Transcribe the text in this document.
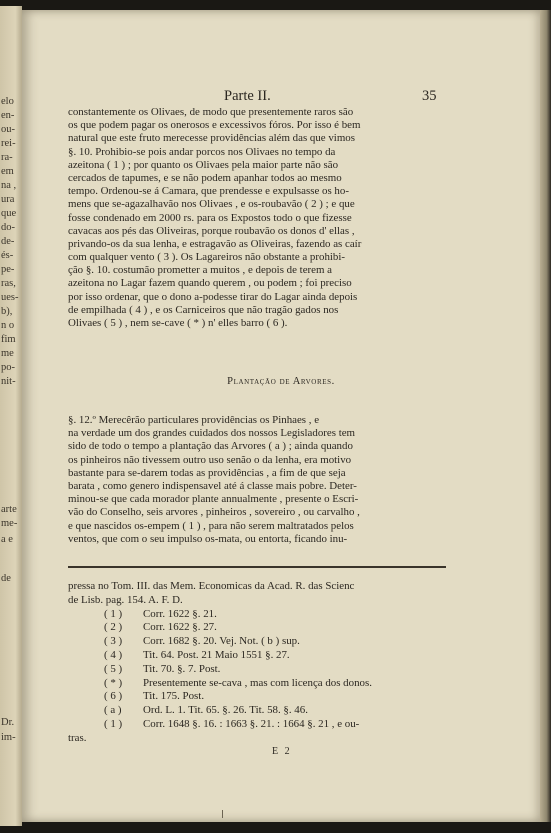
elo
en-
ou-
rei-
ra-
em
na ,
ura
que
do-
de-
és-
pe-
ras,
ues-
b),
n o
fim
me
po-
nit-
arte
me-
a e
de
Dr.
im-
Parte II.	35
constantemente os Olivaes, de modo que presentemente raros são
os que podem pagar os onerosos e excessivos fóros. Por isso é bem
natural que este fruto merecesse providências além das que vimos
§. 10. Prohibio-se pois andar porcos nos Olivaes no tempo da
azeitona ( 1 ) ; por quanto os Olivaes pela maior parte não são
cercados de tapumes, e se não podem apanhar todos ao mesmo
tempo. Ordenou-se á Camara, que prendesse e expulsasse os ho-
mens que se-agazalhavão nos Olivaes , e os-roubavão ( 2 ) ; e que
fosse condenado em 2000 rs. para os Expostos todo o que fizesse
cavacas aos pés das Oliveiras, porque roubavão os donos d' ellas ,
privando-os da sua lenha, e estragavão as Oliveiras, fazendo as caír
com qualquer vento ( 3 ). Os Lagareiros não obstante a prohibi-
ção §. 10. costumão prometter a muitos , e depois de terem a
azeitona no Lagar fazem quando querem , ou podem ; foi preciso
por isso ordenar, que o dono a-podesse tirar do Lagar ainda depois
de empilhada ( 4 ) , e os Carniceiros que não tragão gados nos
Olivaes ( 5 ) , nem se-cave ( * ) n' elles barro ( 6 ).
Plantação de Arvores.
§. 12.º Merecêrão particulares providências os Pinhaes , e
na verdade um dos grandes cuidados dos nossos Legisladores tem
sido de todo o tempo a plantação das Arvores ( a ) ; ainda quando
os pinheiros não tivessem outro uso senão o da lenha, era motivo
bastante para se-darem todas as providências , a fim de que seja
barata , como genero indispensavel até á classe mais pobre. Deter-
minou-se que cada morador plante annualmente , presente o Escri-
vão do Conselho, seis arvores , pinheiros , sovereiro , ou carvalho ,
e que nascidos os-empem ( 1 ) , para não serem maltratados pelos
ventos, que com o seu impulso os-mata, ou entorta, ficando inu-
pressa no Tom. III. das Mem. Economicas da Acad. R. das Scienc
de Lisb. pag. 154. A. F. D.
( 1 ) Corr. 1622 §. 21.
( 2 ) Corr. 1622 §. 27.
( 3 ) Corr. 1682 §. 20. Vej. Not. ( b ) sup.
( 4 ) Tit. 64. Post. 21 Maio 1551 §. 27.
( 5 ) Tit. 70. §. 7. Post.
( * ) Presentemente se-cava , mas com licença dos donos.
( 6 ) Tit. 175. Post.
( a ) Ord. L. 1. Tit. 65. §. 26. Tit. 58. §. 46.
( 1 ) Corr. 1648 §. 16. : 1663 §. 21. : 1664 §. 21 , e ou-
tras.
E 2
